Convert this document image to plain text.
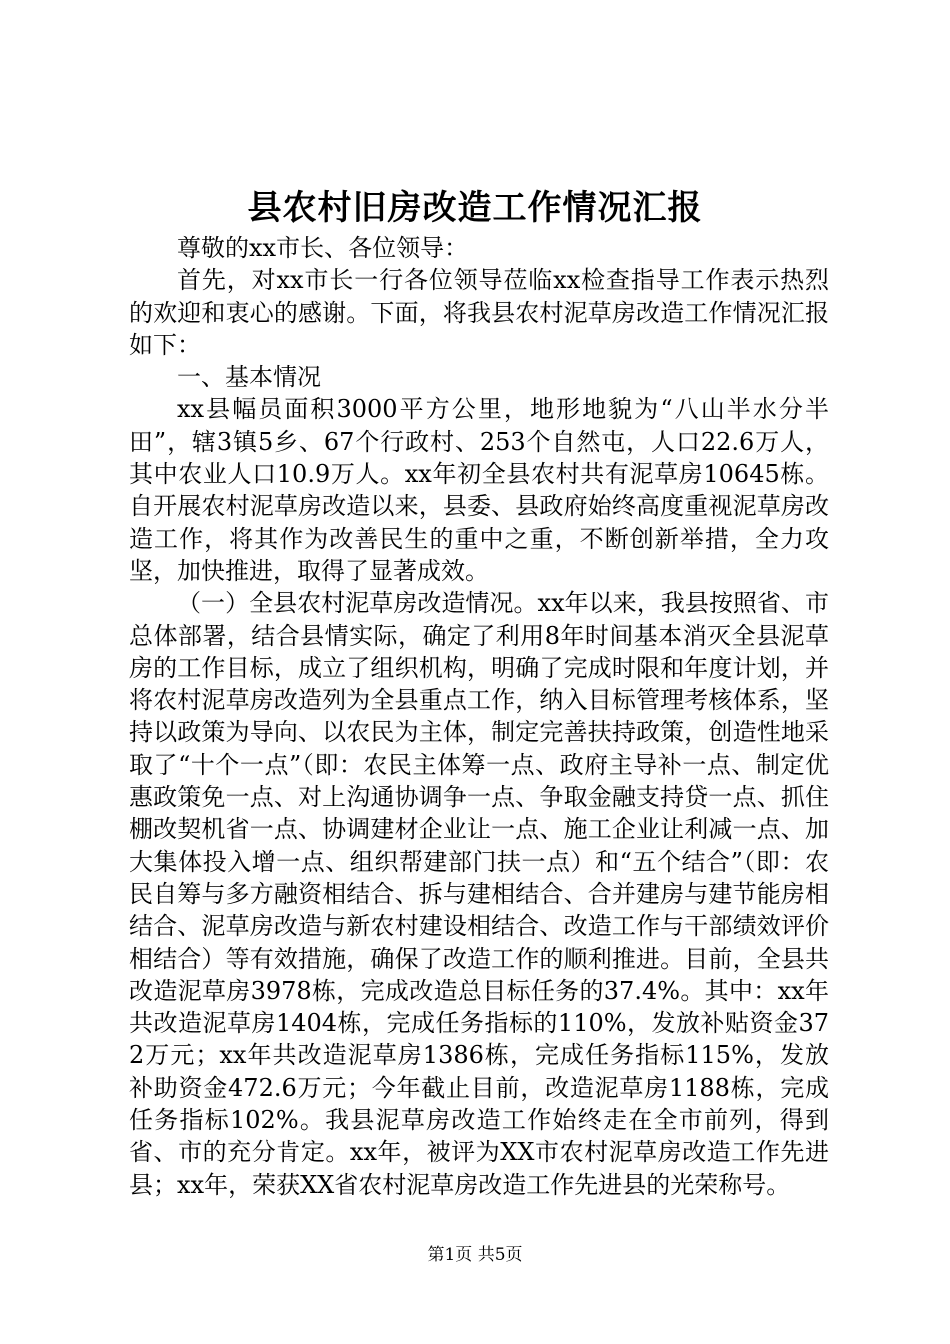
县农村旧房改造工作情况汇报

尊敬的xx市长、各位领导：

首先，对xx市长一行各位领导莅临xx检查指导工作表示热烈的欢迎和衷心的感谢。下面，将我县农村泥草房改造工作情况汇报如下：

一、基本情况

xx县幅员面积3000平方公里，地形地貌为“八山半水分半田”，辖3镇5乡、67个行政村、253个自然屯，人口22.6万人，其中农业人口10.9万人。xx年初全县农村共有泥草房10645栋。自开展农村泥草房改造以来，县委、县政府始终高度重视泥草房改造工作，将其作为改善民生的重中之重，不断创新举措，全力攻坚，加快推进，取得了显著成效。

（一）全县农村泥草房改造情况。xx年以来，我县按照省、市总体部署，结合县情实际，确定了利用8年时间基本消灭全县泥草房的工作目标，成立了组织机构，明确了完成时限和年度计划，并将农村泥草房改造列为全县重点工作，纳入目标管理考核体系，坚持以政策为导向、以农民为主体，制定完善扶持政策，创造性地采取了“十个一点”（即：农民主体筹一点、政府主导补一点、制定优惠政策免一点、对上沟通协调争一点、争取金融支持贷一点、抓住棚改契机省一点、协调建材企业让一点、施工企业让利减一点、加大集体投入增一点、组织帮建部门扶一点）和“五个结合”（即：农民自筹与多方融资相结合、拆与建相结合、合并建房与建节能房相结合、泥草房改造与新农村建设相结合、改造工作与干部绩效评价相结合）等有效措施，确保了改造工作的顺利推进。目前，全县共改造泥草房3978栋，完成改造总目标任务的37.4%。其中：xx年共改造泥草房1404栋，完成任务指标的110%，发放补贴资金372万元；xx年共改造泥草房1386栋，完成任务指标115%，发放补助资金472.6万元；今年截止目前，改造泥草房1188栋，完成任务指标102%。我县泥草房改造工作始终走在全市前列，得到省、市的充分肯定。xx年，被评为XX市农村泥草房改造工作先进县；xx年，荣获XX省农村泥草房改造工作先进县的光荣称号。

第1页 共5页
